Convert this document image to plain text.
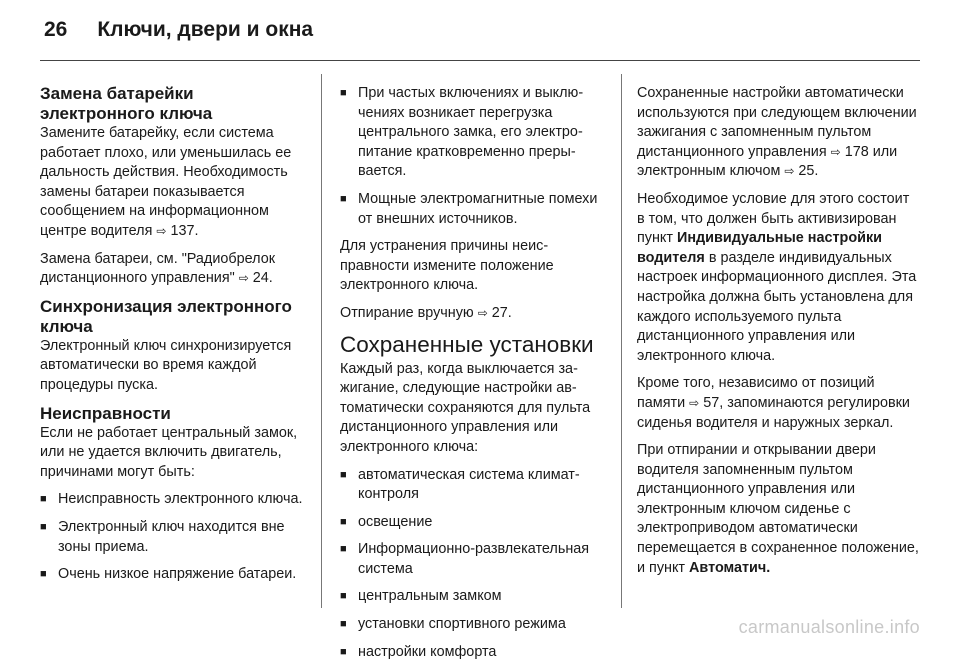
26 Ключи, двери и окна
Замена батарейки электронного ключа

Замените батарейку, если система работает плохо, или уменьшилась ее дальность действия. Необходимость замены батареи показывается сообщением на информационном центре водителя ⇨ 137.

Замена батареи, см. "Радиобрелок дистанционного управления" ⇨ 24.

Синхронизация электронного ключа

Электронный ключ синхронизируется автоматически во время каждой процедуры пуска.

Неисправности

Если не работает центральный замок, или не удается включить двигатель, причинами могут быть:

■ Неисправность электронного ключа.
■ Электронный ключ находится вне зоны приема.
■ Очень низкое напряжение батареи.
■ При частых включениях и выключениях возникает перегрузка центрального замка, его электропитание кратковременно прерывается.
■ Мощные электромагнитные помехи от внешних источников.

Для устранения причины неисправности измените положение электронного ключа.

Отпирание вручную ⇨ 27.

Сохраненные установки

Каждый раз, когда выключается зажигание, следующие настройки автоматически сохраняются для пульта дистанционного управления или электронного ключа:

■ автоматическая система климат-контроля
■ освещение
■ Информационно-развлекательная система
■ центральным замком
■ установки спортивного режима
■ настройки комфорта

Сохраненные настройки автоматически используются при следующем включении зажигания с запомненным пультом дистанционного управления ⇨ 178 или электронным ключом ⇨ 25.

Необходимое условие для этого состоит в том, что должен быть активизирован пункт Индивидуальные настройки водителя в разделе индивидуальных настроек информационного дисплея. Эта настройка должна быть установлена для каждого используемого пульта дистанционного управления или электронного ключа.

Кроме того, независимо от позиций памяти ⇨ 57, запоминаются регулировки сиденья водителя и наружных зеркал.

При отпирании и открывании двери водителя запомненным пультом дистанционного управления или электронным ключом сиденье с электроприводом автоматически перемещается в сохраненное положение, и пункт Автоматич.

carmanualsonline.info
